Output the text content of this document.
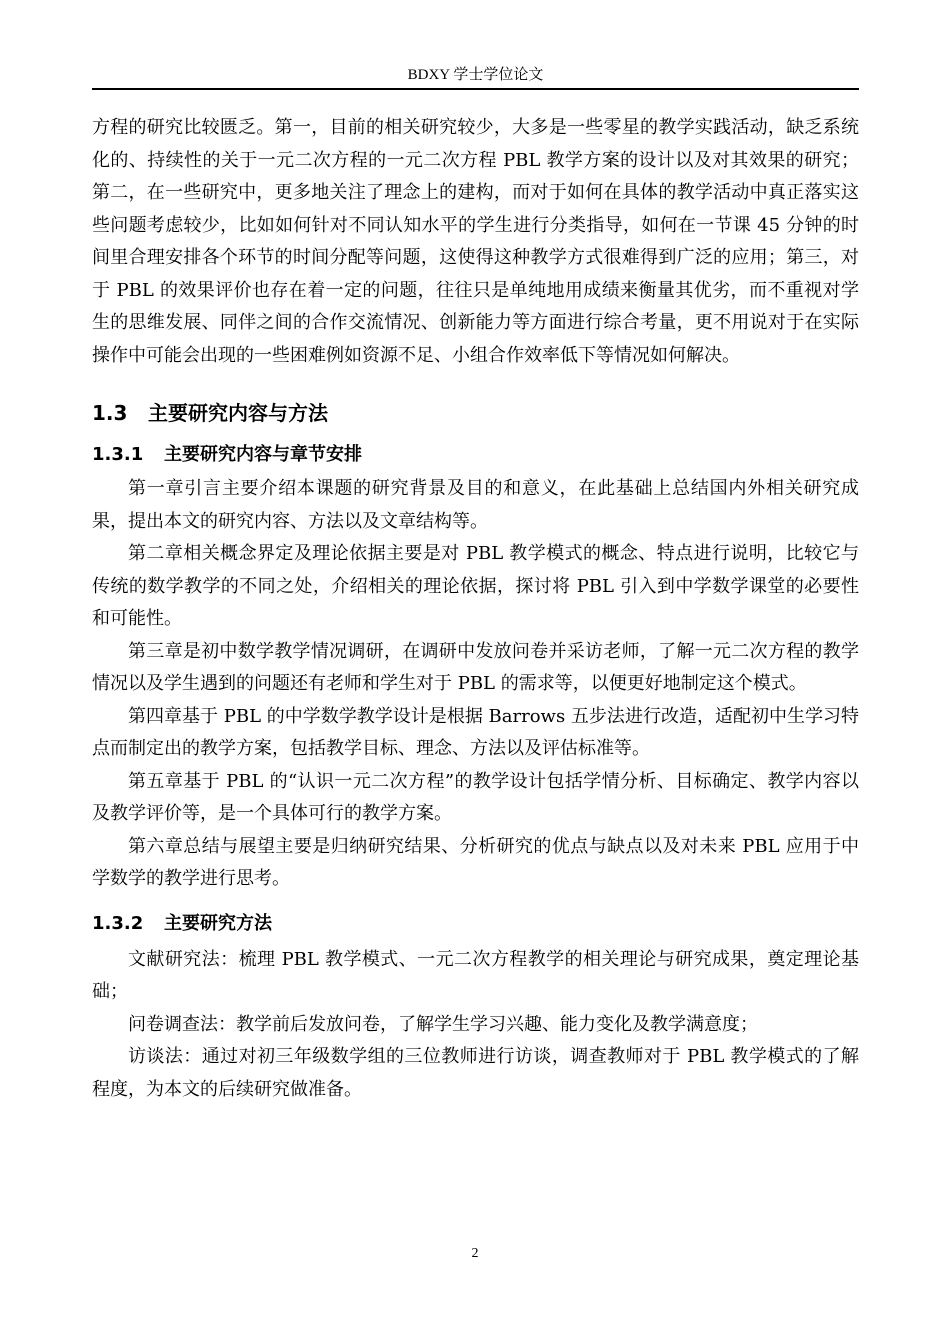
BDXY 学士学位论文

方程的研究比较匮乏。第一，目前的相关研究较少，大多是一些零星的教学实践活动，缺乏系统化的、持续性的关于一元二次方程的一元二次方程 PBL 教学方案的设计以及对其效果的研究；第二，在一些研究中，更多地关注了理念上的建构，而对于如何在具体的教学活动中真正落实这些问题考虑较少，比如如何针对不同认知水平的学生进行分类指导，如何在一节课 45 分钟的时间里合理安排各个环节的时间分配等问题，这使得这种教学方式很难得到广泛的应用；第三，对于 PBL 的效果评价也存在着一定的问题，往往只是单纯地用成绩来衡量其优劣，而不重视对学生的思维发展、同伴之间的合作交流情况、创新能力等方面进行综合考量，更不用说对于在实际操作中可能会出现的一些困难例如资源不足、小组合作效率低下等情况如何解决。

1.3 主要研究内容与方法
1.3.1 主要研究内容与章节安排

第一章引言主要介绍本课题的研究背景及目的和意义，在此基础上总结国内外相关研究成果，提出本文的研究内容、方法以及文章结构等。

第二章相关概念界定及理论依据主要是对 PBL 教学模式的概念、特点进行说明，比较它与传统的数学教学的不同之处，介绍相关的理论依据，探讨将 PBL 引入到中学数学课堂的必要性和可能性。

第三章是初中数学教学情况调研，在调研中发放问卷并采访老师，了解一元二次方程的教学情况以及学生遇到的问题还有老师和学生对于 PBL 的需求等，以便更好地制定这个模式。

第四章基于 PBL 的中学数学教学设计是根据 Barrows 五步法进行改造，适配初中生学习特点而制定出的教学方案，包括教学目标、理念、方法以及评估标准等。

第五章基于 PBL 的“认识一元二次方程”的教学设计包括学情分析、目标确定、教学内容以及教学评价等，是一个具体可行的教学方案。

第六章总结与展望主要是归纳研究结果、分析研究的优点与缺点以及对未来 PBL 应用于中学数学的教学进行思考。

1.3.2 主要研究方法

文献研究法：梳理 PBL 教学模式、一元二次方程教学的相关理论与研究成果，奠定理论基础；

问卷调查法：教学前后发放问卷，了解学生学习兴趣、能力变化及教学满意度；

访谈法：通过对初三年级数学组的三位教师进行访谈，调查教师对于 PBL 教学模式的了解程度，为本文的后续研究做准备。

2
